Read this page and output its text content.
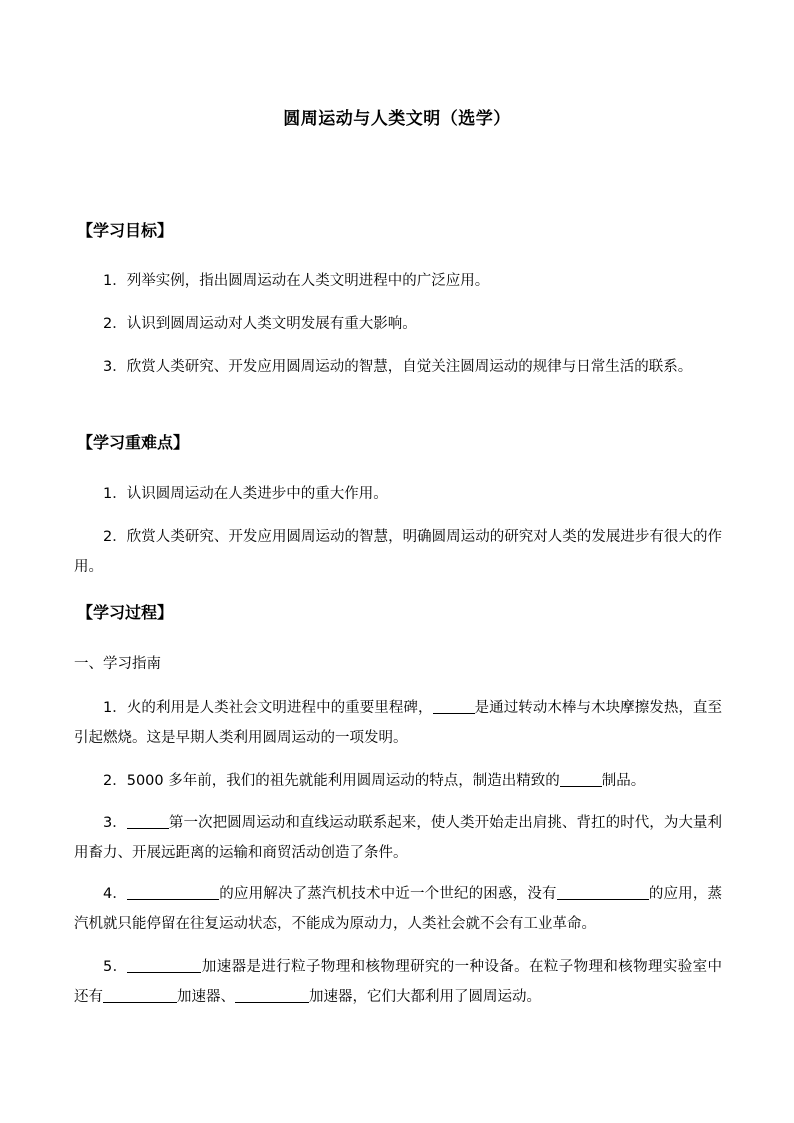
圆周运动与人类文明（选学）
【学习目标】

1．列举实例，指出圆周运动在人类文明进程中的广泛应用。

2．认识到圆周运动对人类文明发展有重大影响。

3．欣赏人类研究、开发应用圆周运动的智慧，自觉关注圆周运动的规律与日常生活的联系。

【学习重难点】

1．认识圆周运动在人类进步中的重大作用。

2．欣赏人类研究、开发应用圆周运动的智慧，明确圆周运动的研究对人类的发展进步有很大的作用。

【学习过程】

一、学习指南

1．火的利用是人类社会文明进程中的重要里程碑，	是通过转动木棒与木块摩擦发热，直至引起燃烧。这是早期人类利用圆周运动的一项发明。

2．5000 多年前，我们的祖先就能利用圆周运动的特点，制造出精致的	制品。

3．	第一次把圆周运动和直线运动联系起来，使人类开始走出肩挑、背扛的时代，为大量利用畜力、开展远距离的运输和商贸活动创造了条件。

4．	的应用解决了蒸汽机技术中近一个世纪的困惑，没有	的应用，蒸汽机就只能停留在往复运动状态，不能成为原动力，人类社会就不会有工业革命。

5．	加速器是进行粒子物理和核物理研究的一种设备。在粒子物理和核物理实验室中还有	加速器、	加速器，它们大都利用了圆周运动。
